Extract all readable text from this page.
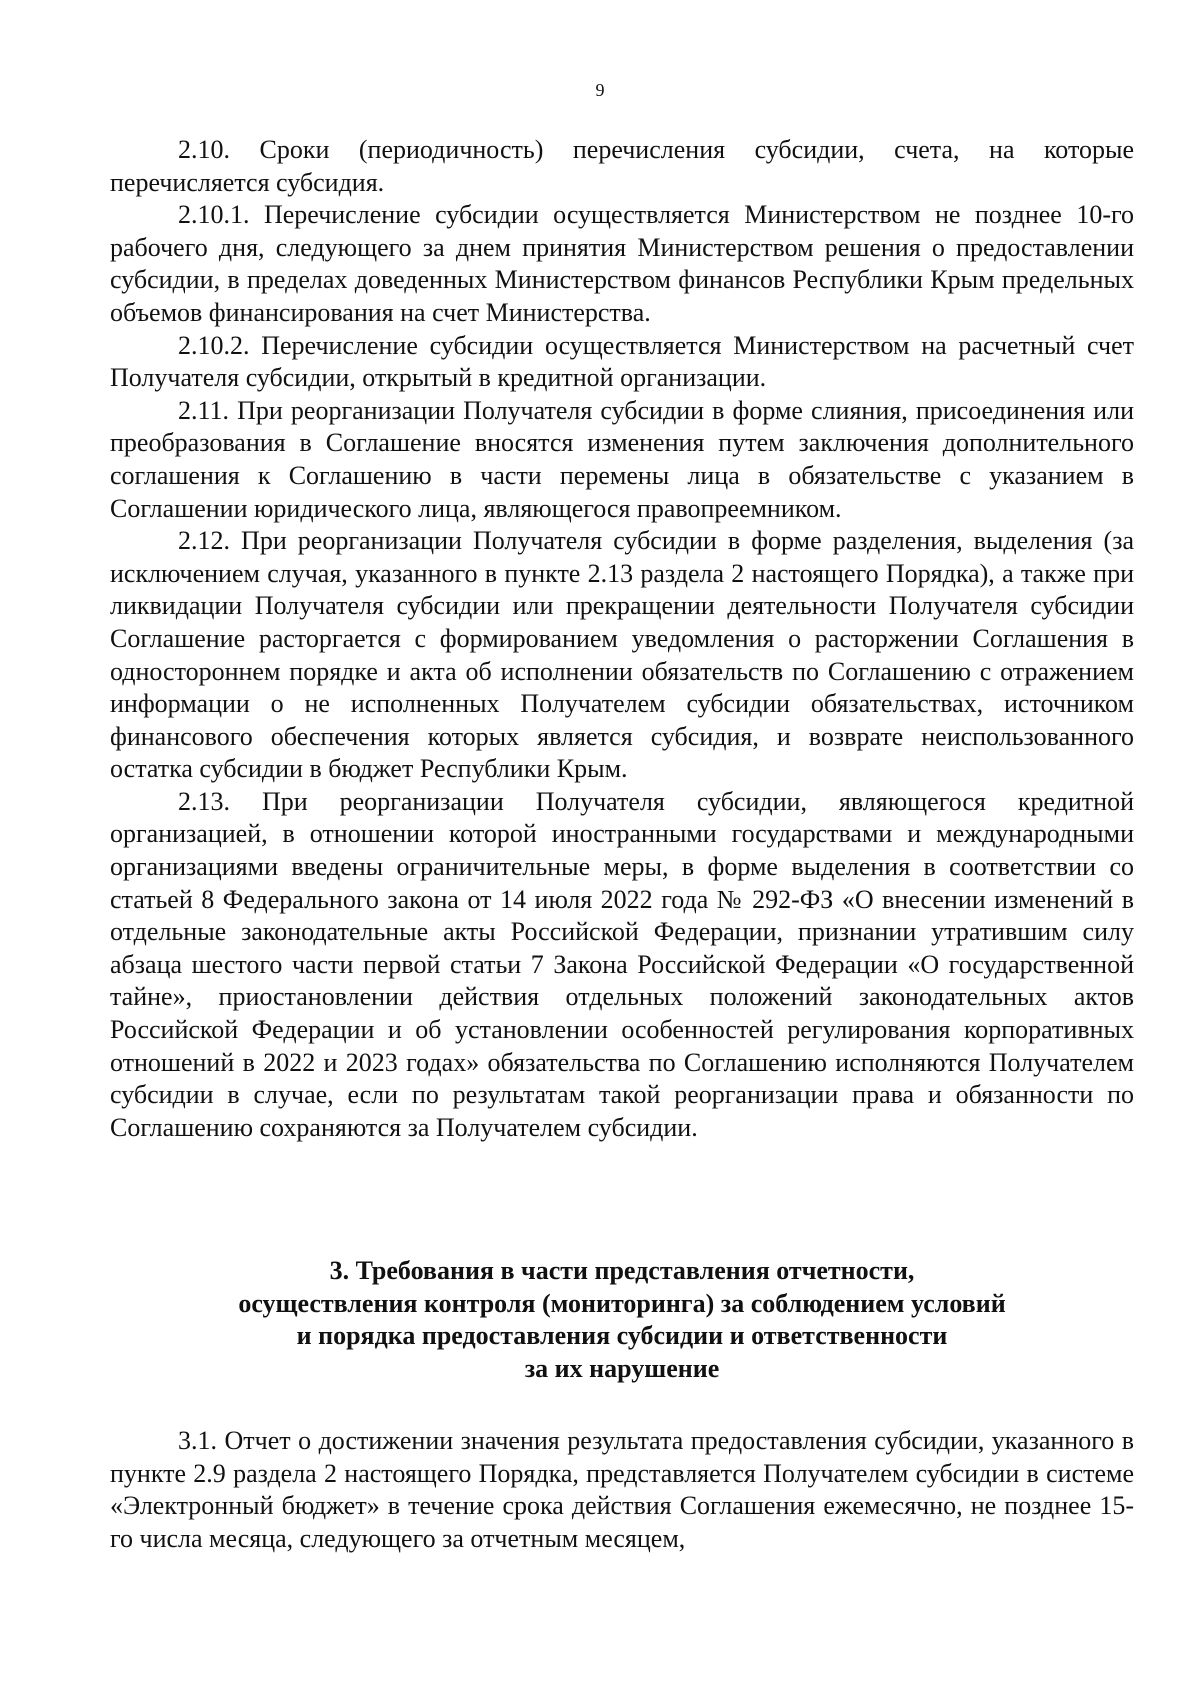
9

2.10. Сроки (периодичность) перечисления субсидии, счета, на которые перечисляется субсидия.

2.10.1. Перечисление субсидии осуществляется Министерством не позднее 10-го рабочего дня, следующего за днем принятия Министерством решения о предоставлении субсидии, в пределах доведенных Министерством финансов Республики Крым предельных объемов финансирования на счет Министерства.

2.10.2. Перечисление субсидии осуществляется Министерством на расчетный счет Получателя субсидии, открытый в кредитной организации.

2.11. При реорганизации Получателя субсидии в форме слияния, присоединения или преобразования в Соглашение вносятся изменения путем заключения дополнительного соглашения к Соглашению в части перемены лица в обязательстве с указанием в Соглашении юридического лица, являющегося правопреемником.

2.12. При реорганизации Получателя субсидии в форме разделения, выделения (за исключением случая, указанного в пункте 2.13 раздела 2 настоящего Порядка), а также при ликвидации Получателя субсидии или прекращении деятельности Получателя субсидии Соглашение расторгается с формированием уведомления о расторжении Соглашения в одностороннем порядке и акта об исполнении обязательств по Соглашению с отражением информации о не исполненных Получателем субсидии обязательствах, источником финансового обеспечения которых является субсидия, и возврате неиспользованного остатка субсидии в бюджет Республики Крым.

2.13. При реорганизации Получателя субсидии, являющегося кредитной организацией, в отношении которой иностранными государствами и международными организациями введены ограничительные меры, в форме выделения в соответствии со статьей 8 Федерального закона от 14 июля 2022 года № 292-ФЗ «О внесении изменений в отдельные законодательные акты Российской Федерации, признании утратившим силу абзаца шестого части первой статьи 7 Закона Российской Федерации «О государственной тайне», приостановлении действия отдельных положений законодательных актов Российской Федерации и об установлении особенностей регулирования корпоративных отношений в 2022 и 2023 годах» обязательства по Соглашению исполняются Получателем субсидии в случае, если по результатам такой реорганизации права и обязанности по Соглашению сохраняются за Получателем субсидии.

3. Требования в части представления отчетности,
осуществления контроля (мониторинга) за соблюдением условий
и порядка предоставления субсидии и ответственности
за их нарушение

3.1. Отчет о достижении значения результата предоставления субсидии, указанного в пункте 2.9 раздела 2 настоящего Порядка, представляется Получателем субсидии в системе «Электронный бюджет» в течение срока действия Соглашения ежемесячно, не позднее 15-го числа месяца, следующего за отчетным месяцем,
